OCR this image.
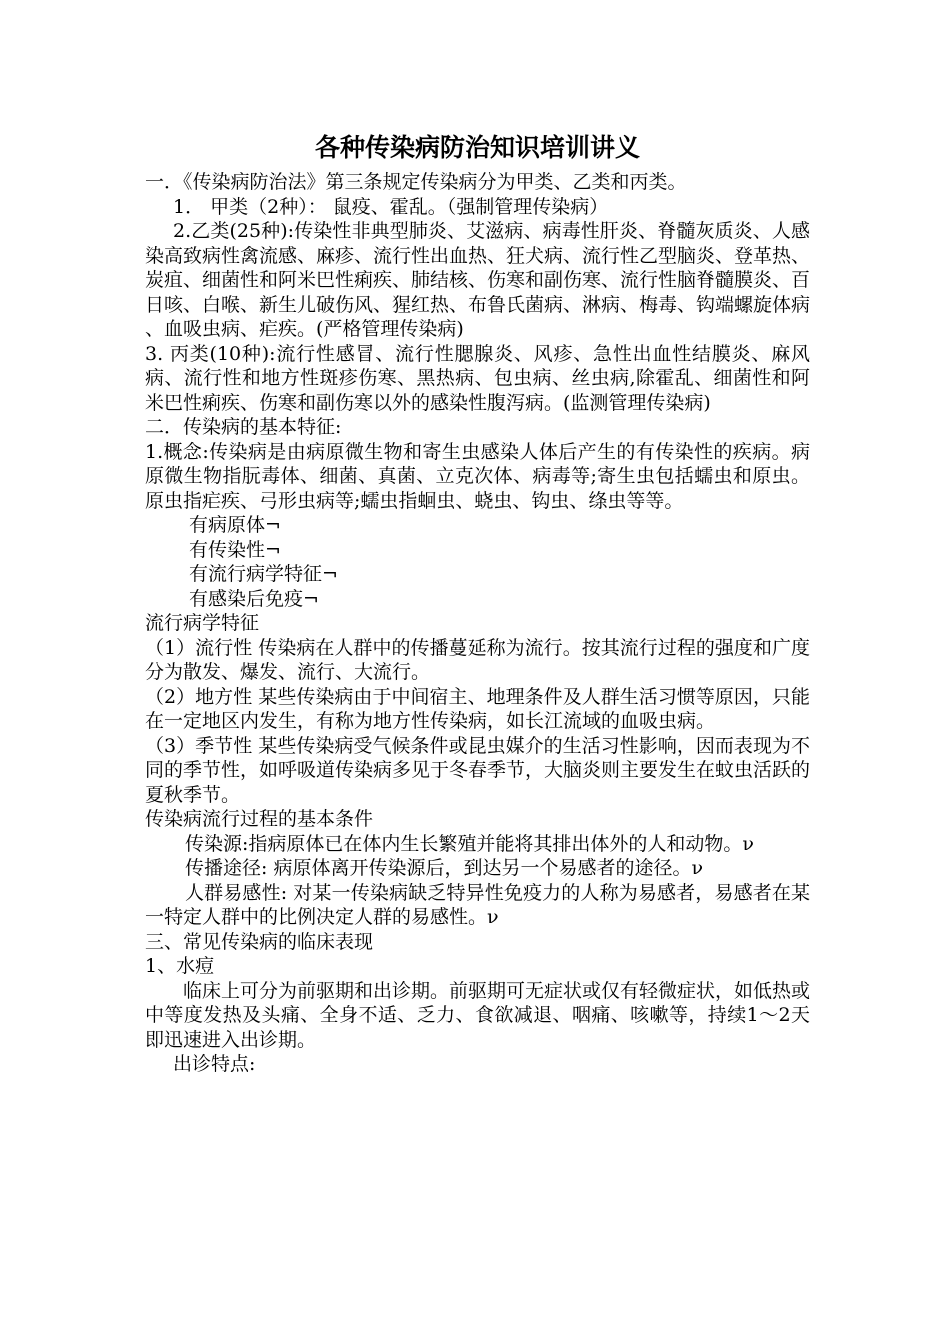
各种传染病防治知识培训讲义

一．《传染病防治法》第三条规定传染病分为甲类、乙类和丙类。

1． 甲类（2种）： 鼠疫、霍乱。（强制管理传染病）

2.乙类(25种):传染性非典型肺炎、艾滋病、病毒性肝炎、脊髓灰质炎、人感染高致病性禽流感、麻疹、流行性出血热、狂犬病、流行性乙型脑炎、登革热、炭疽、细菌性和阿米巴性痢疾、肺结核、伤寒和副伤寒、流行性脑脊髓膜炎、百日咳、白喉、新生儿破伤风、猩红热、布鲁氏菌病、淋病、梅毒、钩端螺旋体病 、血吸虫病、疟疾。(严格管理传染病)

3. 丙类(10种):流行性感冒、流行性腮腺炎、风疹、急性出血性结膜炎、麻风病、流行性和地方性斑疹伤寒、黑热病、包虫病、丝虫病,除霍乱、细菌性和阿米巴性痢疾、伤寒和副伤寒以外的感染性腹泻病。(监测管理传染病)

二．传染病的基本特征:

1.概念:传染病是由病原微生物和寄生虫感染人体后产生的有传染性的疾病。病原微生物指朊毒体、细菌、真菌、立克次体、病毒等;寄生虫包括蠕虫和原虫。原虫指疟疾、弓形虫病等;蠕虫指蛔虫、蛲虫、钩虫、绦虫等等。

有病原体¬

有传染性¬

有流行病学特征¬

有感染后免疫¬

流行病学特征

（1）流行性 传染病在人群中的传播蔓延称为流行。按其流行过程的强度和广度分为散发、爆发、流行、大流行。

（2）地方性 某些传染病由于中间宿主、地理条件及人群生活习惯等原因，只能在一定地区内发生，有称为地方性传染病，如长江流域的血吸虫病。

（3）季节性 某些传染病受气候条件或昆虫媒介的生活习性影响，因而表现为不同的季节性，如呼吸道传染病多见于冬春季节，大脑炎则主要发生在蚊虫活跃的夏秋季节。

传染病流行过程的基本条件

传染源:指病原体已在体内生长繁殖并能将其排出体外的人和动物。ν

传播途径: 病原体离开传染源后，到达另一个易感者的途径。ν

人群易感性: 对某一传染病缺乏特异性免疫力的人称为易感者，易感者在某一特定人群中的比例决定人群的易感性。ν

三、常见传染病的临床表现

1、水痘

临床上可分为前驱期和出诊期。前驱期可无症状或仅有轻微症状，如低热或中等度发热及头痛、全身不适、乏力、食欲减退、咽痛、咳嗽等，持续1～2天即迅速进入出诊期。

出诊特点:
